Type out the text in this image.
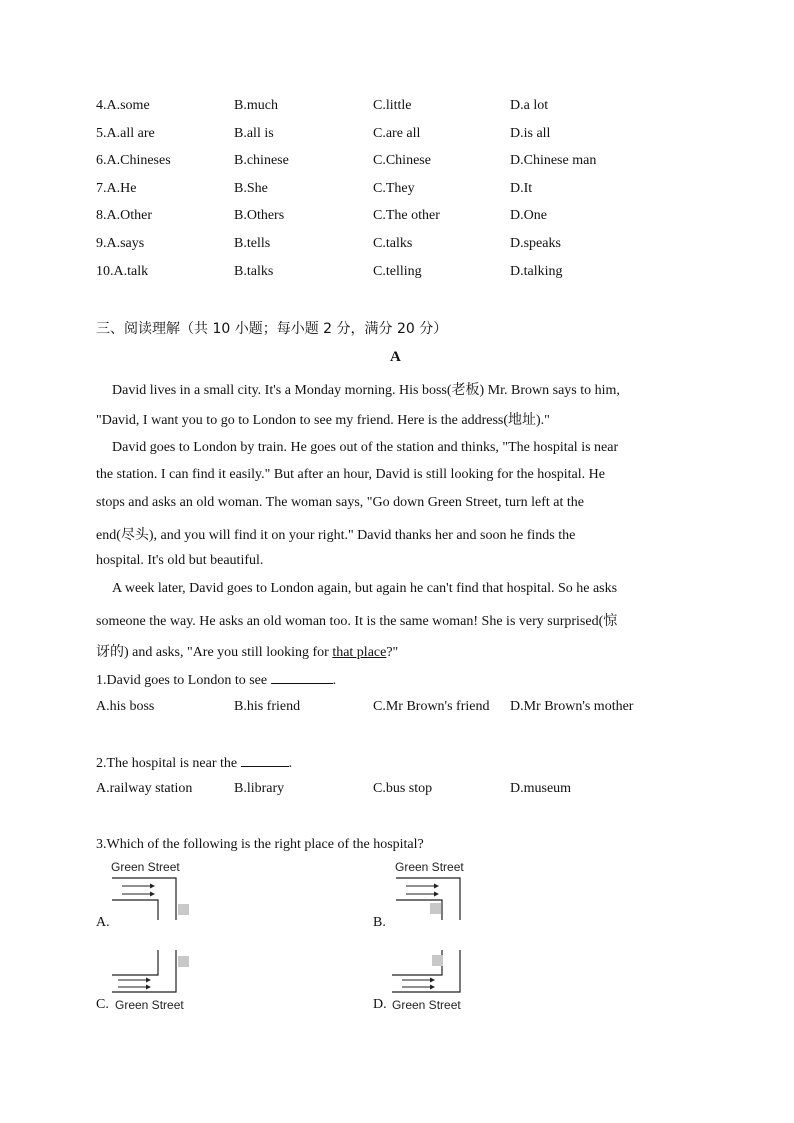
4.A.some	B.much	C.little	D.a lot
5.A.all are	B.all is	C.are all	D.is all
6.A.Chineses	B.chinese	C.Chinese	D.Chinese man
7.A.He	B.She	C.They	D.It
8.A.Other	B.Others	C.The other	D.One
9.A.says	B.tells	C.talks	D.speaks
10.A.talk	B.talks	C.telling	D.talking
三、阅读理解（共 10 小题；每小题 2 分，满分 20 分）
A
David lives in a small city. It's a Monday morning. His boss(老板) Mr. Brown says to him,
"David, I want you to go to London to see my friend. Here is the address(地址)."
David goes to London by train. He goes out of the station and thinks, "The hospital is near
the station. I can find it easily." But after an hour, David is still looking for the hospital. He
stops and asks an old woman. The woman says, "Go down Green Street, turn left at the
end(尽头), and you will find it on your right." David thanks her and soon he finds the
hospital. It's old but beautiful.
A week later, David goes to London again, but again he can't find that hospital. So he asks
someone the way. He asks an old woman too. It is the same woman! She is very surprised(惊
讶的) and asks, "Are you still looking for that place?"
1.David goes to London to see	.
A.his boss	B.his friend	C.Mr Brown's friend D.Mr Brown's mother
2.The hospital is near the	.
A.railway station	B.library	C.bus stop	D.museum
3.Which of the following is the right place of the hospital?
A.
Green Street
B.
Green Street
C. Green Street	D. Green Street
